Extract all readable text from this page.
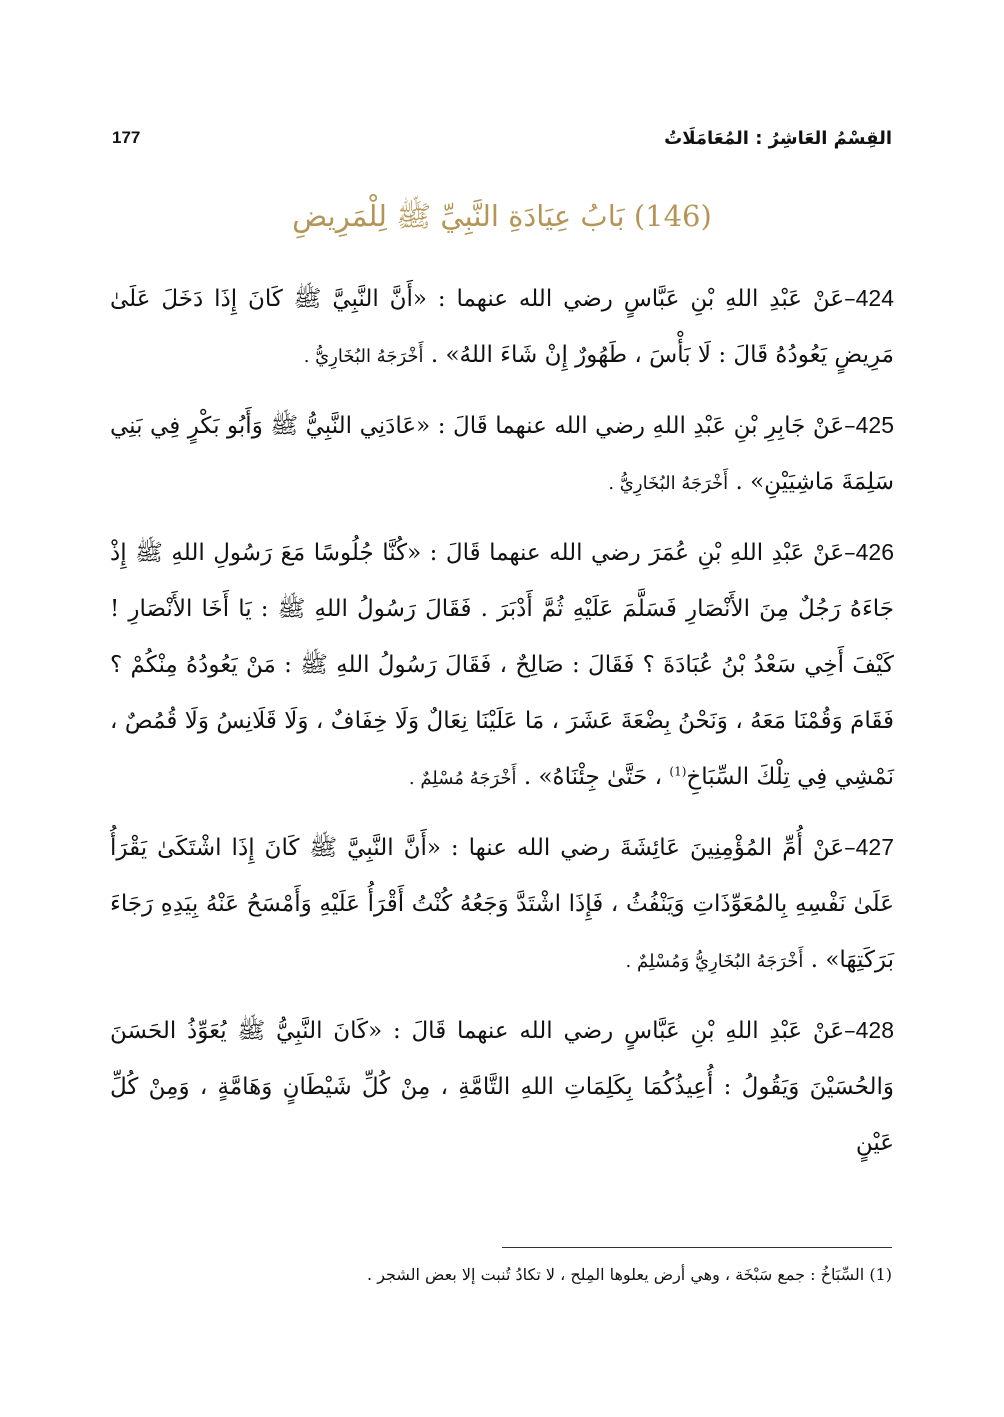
القِسْمُ العَاشِرُ : المُعَامَلَاتُ
177
(146) بَابُ عِيَادَةِ النَّبِيِّ ﷺ لِلْمَرِيضِ

424–عَنْ عَبْدِ اللهِ بْنِ عَبَّاسٍ رضي الله عنهما : «أَنَّ النَّبِيَّ ﷺ كَانَ إِذَا دَخَلَ عَلَىٰ مَرِيضٍ يَعُودُهُ قَالَ : لَا بَأْسَ ، طَهُورٌ إِنْ شَاءَ اللهُ» . أَخْرَجَهُ البُخَارِيُّ .

425–عَنْ جَابِرِ بْنِ عَبْدِ اللهِ رضي الله عنهما قَالَ : «عَادَنِي النَّبِيُّ ﷺ وَأَبُو بَكْرٍ فِي بَنِي سَلِمَةَ مَاشِيَيْنِ» . أَخْرَجَهُ البُخَارِيُّ .

426–عَنْ عَبْدِ اللهِ بْنِ عُمَرَ رضي الله عنهما قَالَ : «كُنَّا جُلُوسًا مَعَ رَسُولِ اللهِ ﷺ إِذْ جَاءَهُ رَجُلٌ مِنَ الأَنْصَارِ فَسَلَّمَ عَلَيْهِ ثُمَّ أَدْبَرَ . فَقَالَ رَسُولُ اللهِ ﷺ : يَا أَخَا الأَنْصَارِ ! كَيْفَ أَخِي سَعْدُ بْنُ عُبَادَةَ ؟ فَقَالَ : صَالِحٌ ، فَقَالَ رَسُولُ اللهِ ﷺ : مَنْ يَعُودُهُ مِنْكُمْ ؟ فَقَامَ وَقُمْنَا مَعَهُ ، وَنَحْنُ بِضْعَةَ عَشَرَ ، مَا عَلَيْنَا نِعَالٌ وَلَا خِفَافٌ ، وَلَا قَلَانِسُ وَلَا قُمُصٌ ، نَمْشِي فِي تِلْكَ السِّبَاخِ$^{(1)}$ ، حَتَّىٰ جِئْنَاهُ» . أَخْرَجَهُ مُسْلِمٌ .

427–عَنْ أُمِّ المُؤْمِنِينَ عَائِشَةَ رضي الله عنها : «أَنَّ النَّبِيَّ ﷺ كَانَ إِذَا اشْتَكَىٰ يَقْرَأُ عَلَىٰ نَفْسِهِ بِالمُعَوِّذَاتِ وَيَنْفُثُ ، فَإِذَا اشْتَدَّ وَجَعُهُ كُنْتُ أَقْرَأُ عَلَيْهِ وَأَمْسَحُ عَنْهُ بِيَدِهِ رَجَاءَ بَرَكَتِهَا» . أَخْرَجَهُ البُخَارِيُّ وَمُسْلِمٌ .

428–عَنْ عَبْدِ اللهِ بْنِ عَبَّاسٍ رضي الله عنهما قَالَ : «كَانَ النَّبِيُّ ﷺ يُعَوِّذُ الحَسَنَ وَالحُسَيْنَ وَيَقُولُ : أُعِيذُكُمَا بِكَلِمَاتِ اللهِ التَّامَّةِ ، مِنْ كُلِّ شَيْطَانٍ وَهَامَّةٍ ، وَمِنْ كُلِّ عَيْنٍ

(1) السِّبَاخُ : جمع سَبْخَة ، وهي أرض يعلوها المِلح ، لا تكادُ تُنبت إلا بعض الشجر .
